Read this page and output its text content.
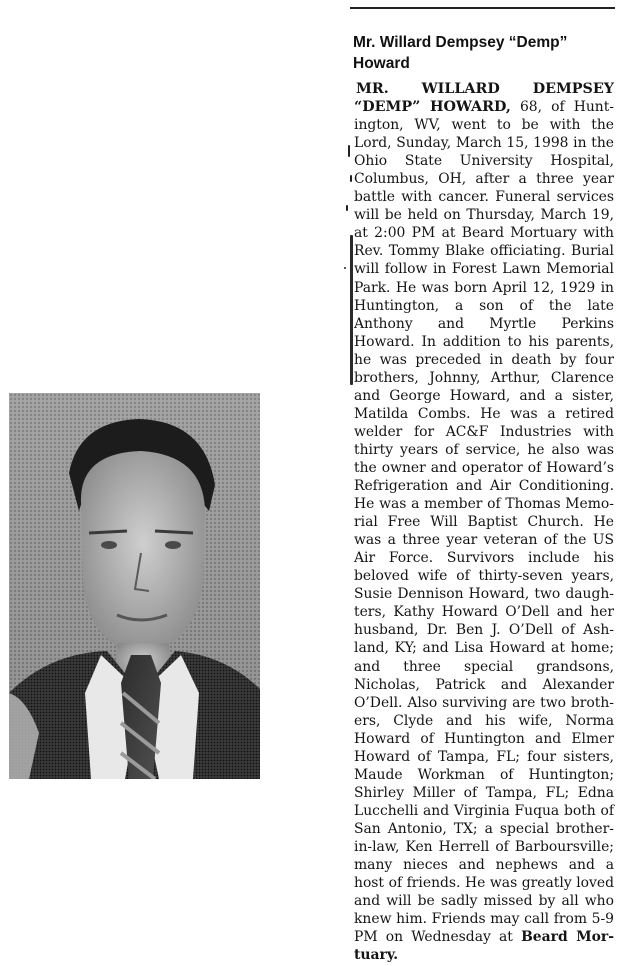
Mr. Willard Dempsey “Demp” Howard

MR. WILLARD DEMPSEY “DEMP” HOWARD, 68, of Huntington, WV, went to be with the Lord, Sunday, March 15, 1998 in the Ohio State University Hospital, Columbus, OH, after a three year battle with cancer. Funeral services will be held on Thursday, March 19, at 2:00 PM at Beard Mortuary with Rev. Tommy Blake officiating. Burial will follow in Forest Lawn Memorial Park. He was born April 12, 1929 in Huntington, a son of the late Anthony and Myrtle Perkins Howard. In addition to his parents, he was preceded in death by four brothers, Johnny, Arthur, Clarence and George Howard, and a sister, Matilda Combs. He was a retired welder for AC&F Industries with thirty years of service, he also was the owner and operator of Howard’s Refrigeration and Air Conditioning. He was a member of Thomas Memorial Free Will Baptist Church. He was a three year veteran of the US Air Force. Survivors include his beloved wife of thirty-seven years, Susie Dennison Howard, two daughters, Kathy Howard O’Dell and her husband, Dr. Ben J. O’Dell of Ashland, KY; and Lisa Howard at home; and three special grandsons, Nicholas, Patrick and Alexander O’Dell. Also surviving are two brothers, Clyde and his wife, Norma Howard of Huntington and Elmer Howard of Tampa, FL; four sisters, Maude Workman of Huntington; Shirley Miller of Tampa, FL; Edna Lucchelli and Virginia Fuqua both of San Antonio, TX; a special brother-in-law, Ken Herrell of Barboursville; many nieces and nephews and a host of friends. He was greatly loved and will be sadly missed by all who knew him. Friends may call from 5-9 PM on Wednesday at Beard Mortuary.
